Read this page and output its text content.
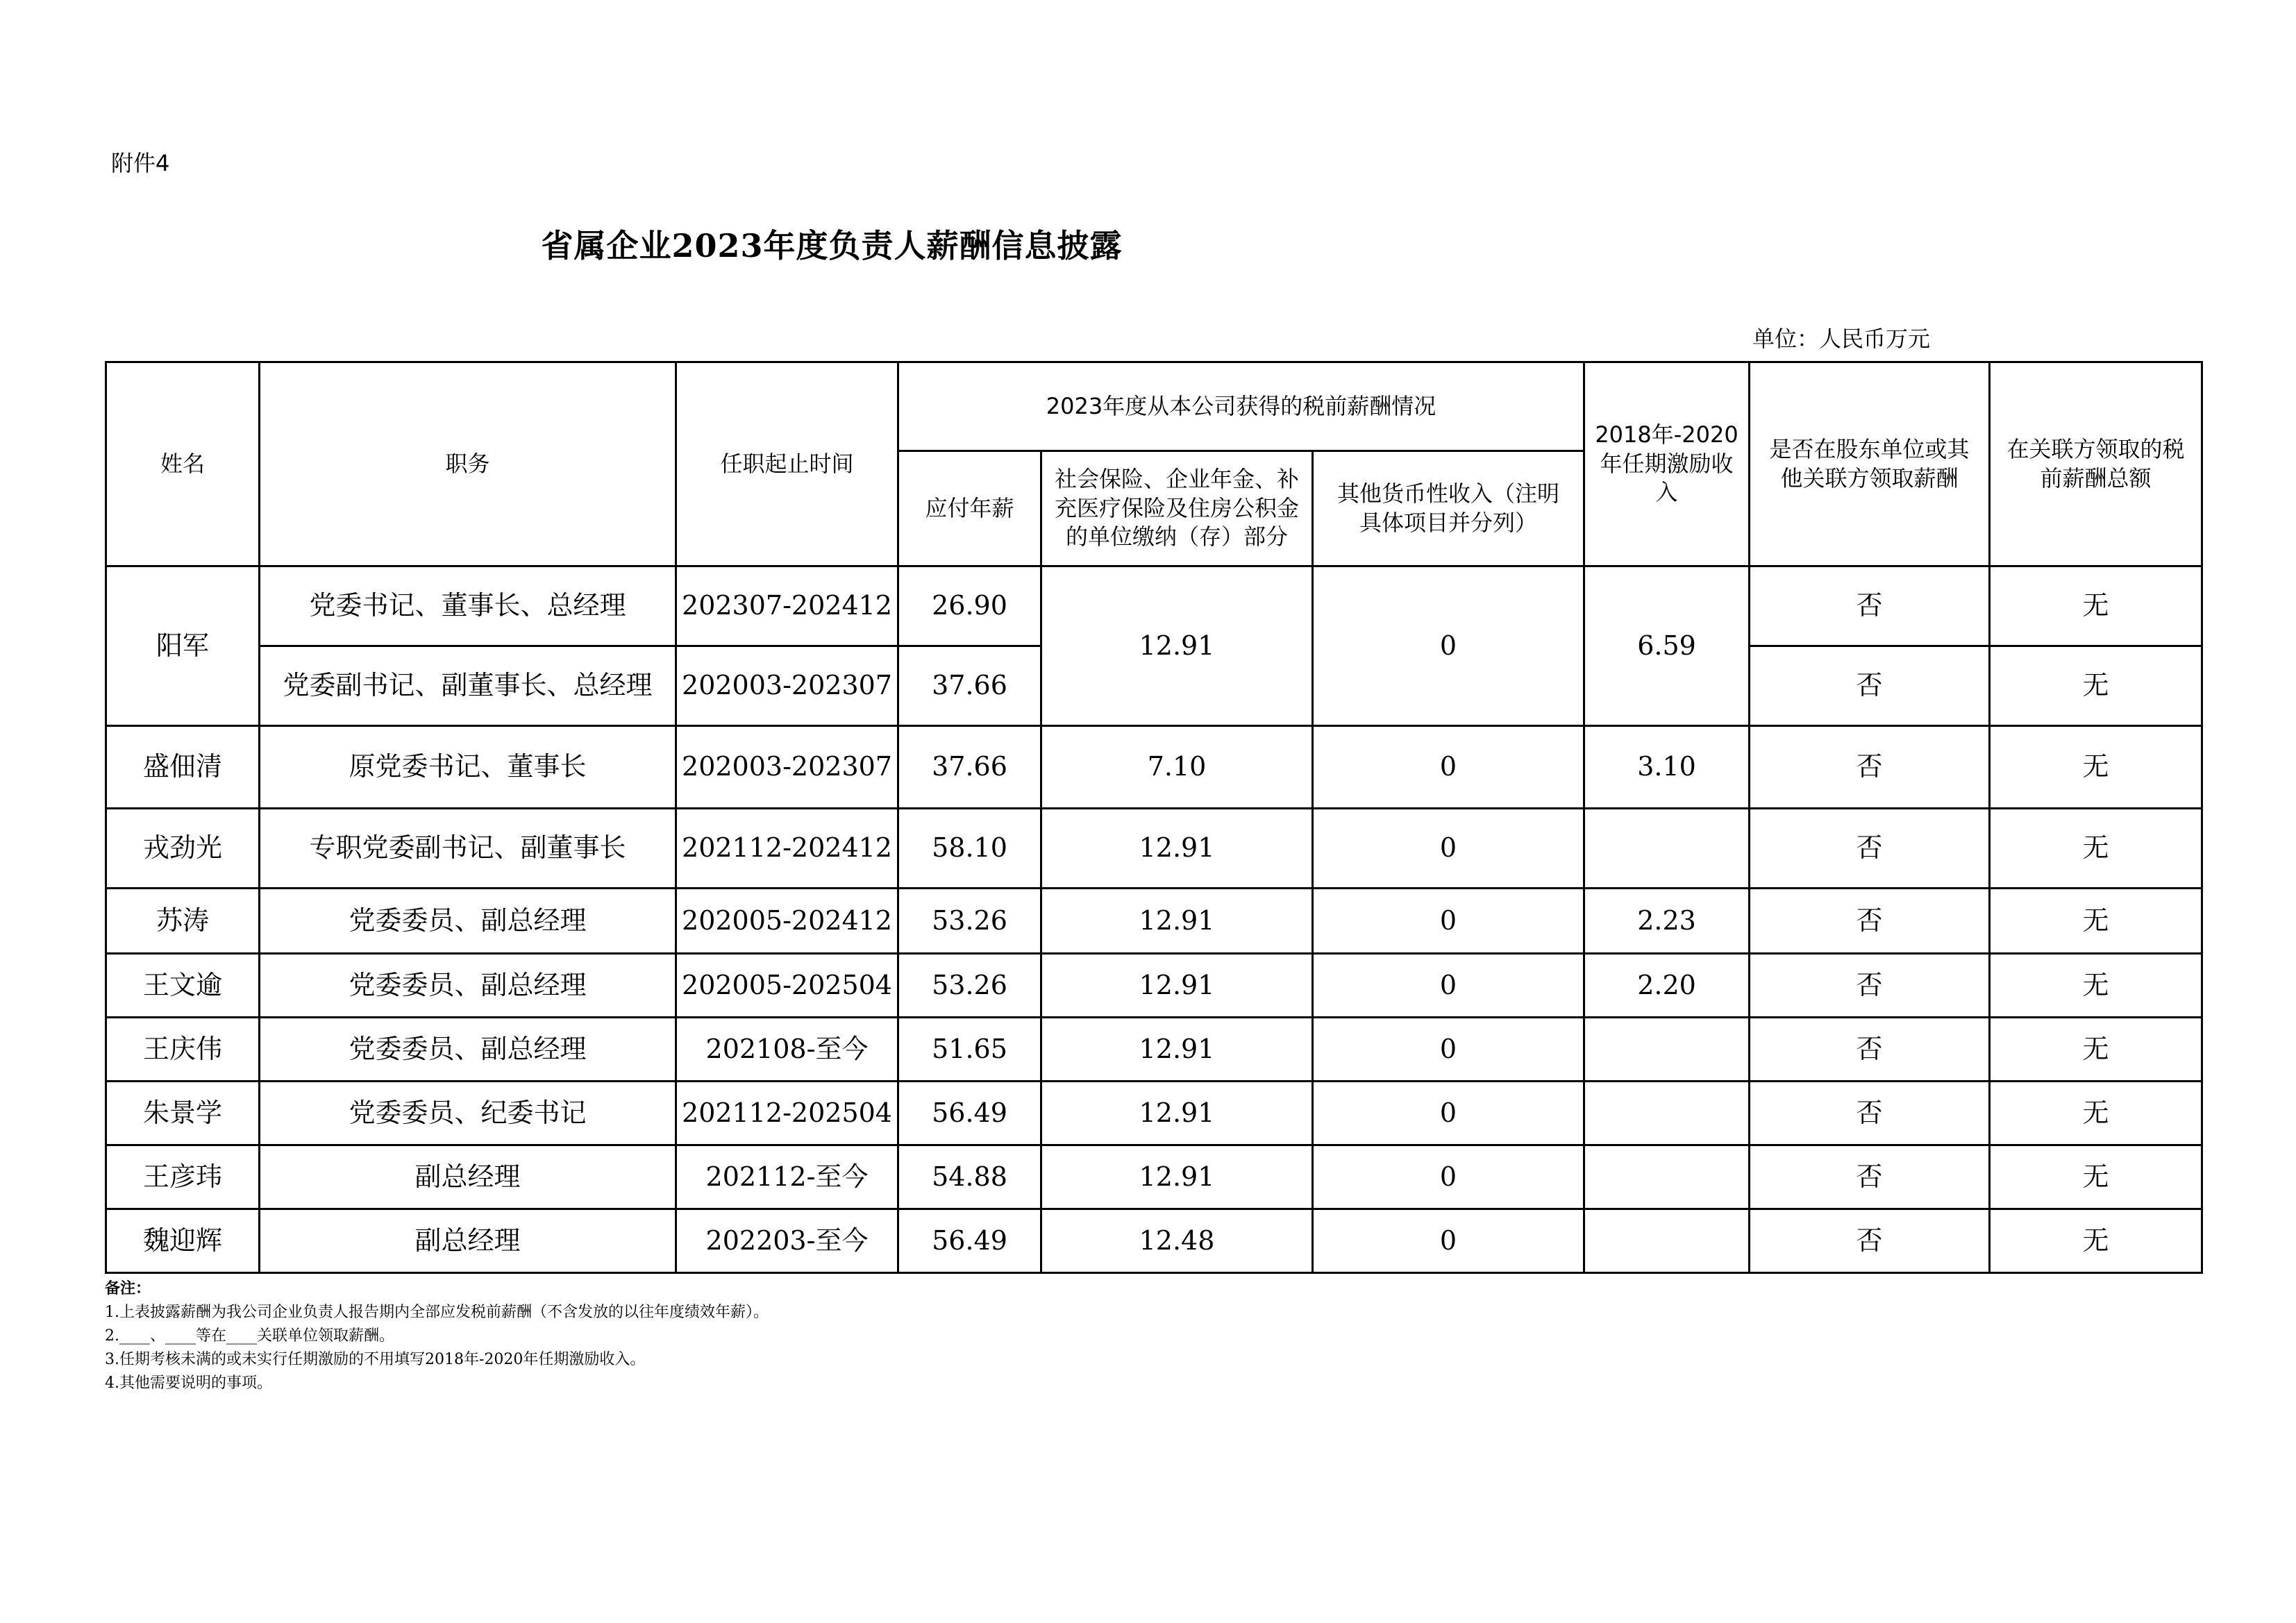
附件4
省属企业2023年度负责人薪酬信息披露
单位：人民币万元
姓名	职务	任职起止时间	2023年度从本公司获得的税前薪酬情况			2018年-2020年任期激励收入	是否在股东单位或其他关联方领取薪酬	在关联方领取的税前薪酬总额
			应付年薪	社会保险、企业年金、补充医疗保险及住房公积金的单位缴纳（存）部分	其他货币性收入（注明具体项目并分列）			
阳军	党委书记、董事长、总经理	202307-202412	26.90	12.91	0	6.59	否	无
	党委副书记、副董事长、总经理	202003-202307	37.66				否	无
盛佃清	原党委书记、董事长	202003-202307	37.66	7.10	0	3.10	否	无
戎劲光	专职党委副书记、副董事长	202112-202412	58.10	12.91	0		否	无
苏涛	党委委员、副总经理	202005-202412	53.26	12.91	0	2.23	否	无
王文逾	党委委员、副总经理	202005-202504	53.26	12.91	0	2.20	否	无
王庆伟	党委委员、副总经理	202108-至今	51.65	12.91	0		否	无
朱景学	党委委员、纪委书记	202112-202504	56.49	12.91	0		否	无
王彦玮	副总经理	202112-至今	54.88	12.91	0		否	无
魏迎辉	副总经理	202203-至今	56.49	12.48	0		否	无
备注：
1.上表披露薪酬为我公司企业负责人报告期内全部应发税前薪酬（不含发放的以往年度绩效年薪）。
2.____、____等在____关联单位领取薪酬。
3.任期考核未满的或未实行任期激励的不用填写2018年-2020年任期激励收入。
4.其他需要说明的事项。
